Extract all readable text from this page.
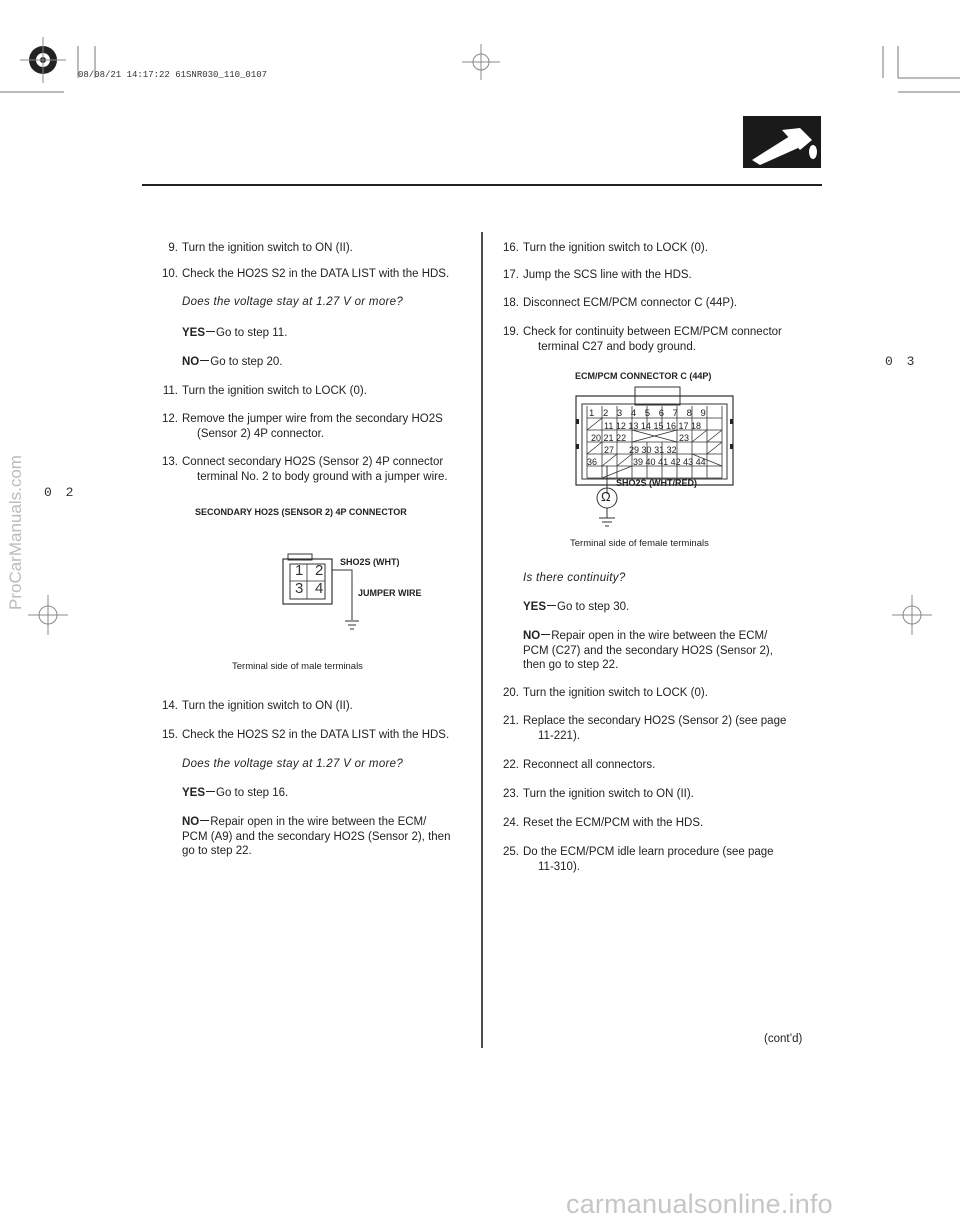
08/08/21 14:17:22 61SNR030_110_0107
0 2
0 3
ProCarManuals.com
carmanualsonline.info
9. Turn the ignition switch to ON (II).
10. Check the HO2S S2 in the DATA LIST with the HDS.
Does the voltage stay at 1.27 V or more?
YES Go to step 11.
NO Go to step 20.
11. Turn the ignition switch to LOCK (0).
12. Remove the jumper wire from the secondary HO2S
(Sensor 2) 4P connector.
13. Connect secondary HO2S (Sensor 2) 4P connector
terminal No. 2 to body ground with a jumper wire.
SECONDARY HO2S (SENSOR 2) 4P CONNECTOR
1 2
3 4
SHO2S (WHT)
JUMPER WIRE
Terminal side of male terminals
14. Turn the ignition switch to ON (II).
15. Check the HO2S S2 in the DATA LIST with the HDS.
Does the voltage stay at 1.27 V or more?
YES Go to step 16.
NO Repair open in the wire between the ECM/
PCM (A9) and the secondary HO2S (Sensor 2), then
go to step 22.
16. Turn the ignition switch to LOCK (0).
17. Jump the SCS line with the HDS.
18. Disconnect ECM/PCM connector C (44P).
19. Check for continuity between ECM/PCM connector
terminal C27 and body ground.
ECM/PCM CONNECTOR C (44P)
1 2 3 4 5 6 7 8 9
11 12 13 14 15 16 17 18
20 21 22	23
27 29 30 31 32
36	39 40 41 42 43 44
Ω
SHO2S (WHT/RED)
Terminal side of female terminals
Is there continuity?
YES Go to step 30.
NO Repair open in the wire between the ECM/
PCM (C27) and the secondary HO2S (Sensor 2),
then go to step 22.
20. Turn the ignition switch to LOCK (0).
21. Replace the secondary HO2S (Sensor 2) (see page
11-221).
22. Reconnect all connectors.
23. Turn the ignition switch to ON (II).
24. Reset the ECM/PCM with the HDS.
25. Do the ECM/PCM idle learn procedure (see page
11-310).
(cont’d)
